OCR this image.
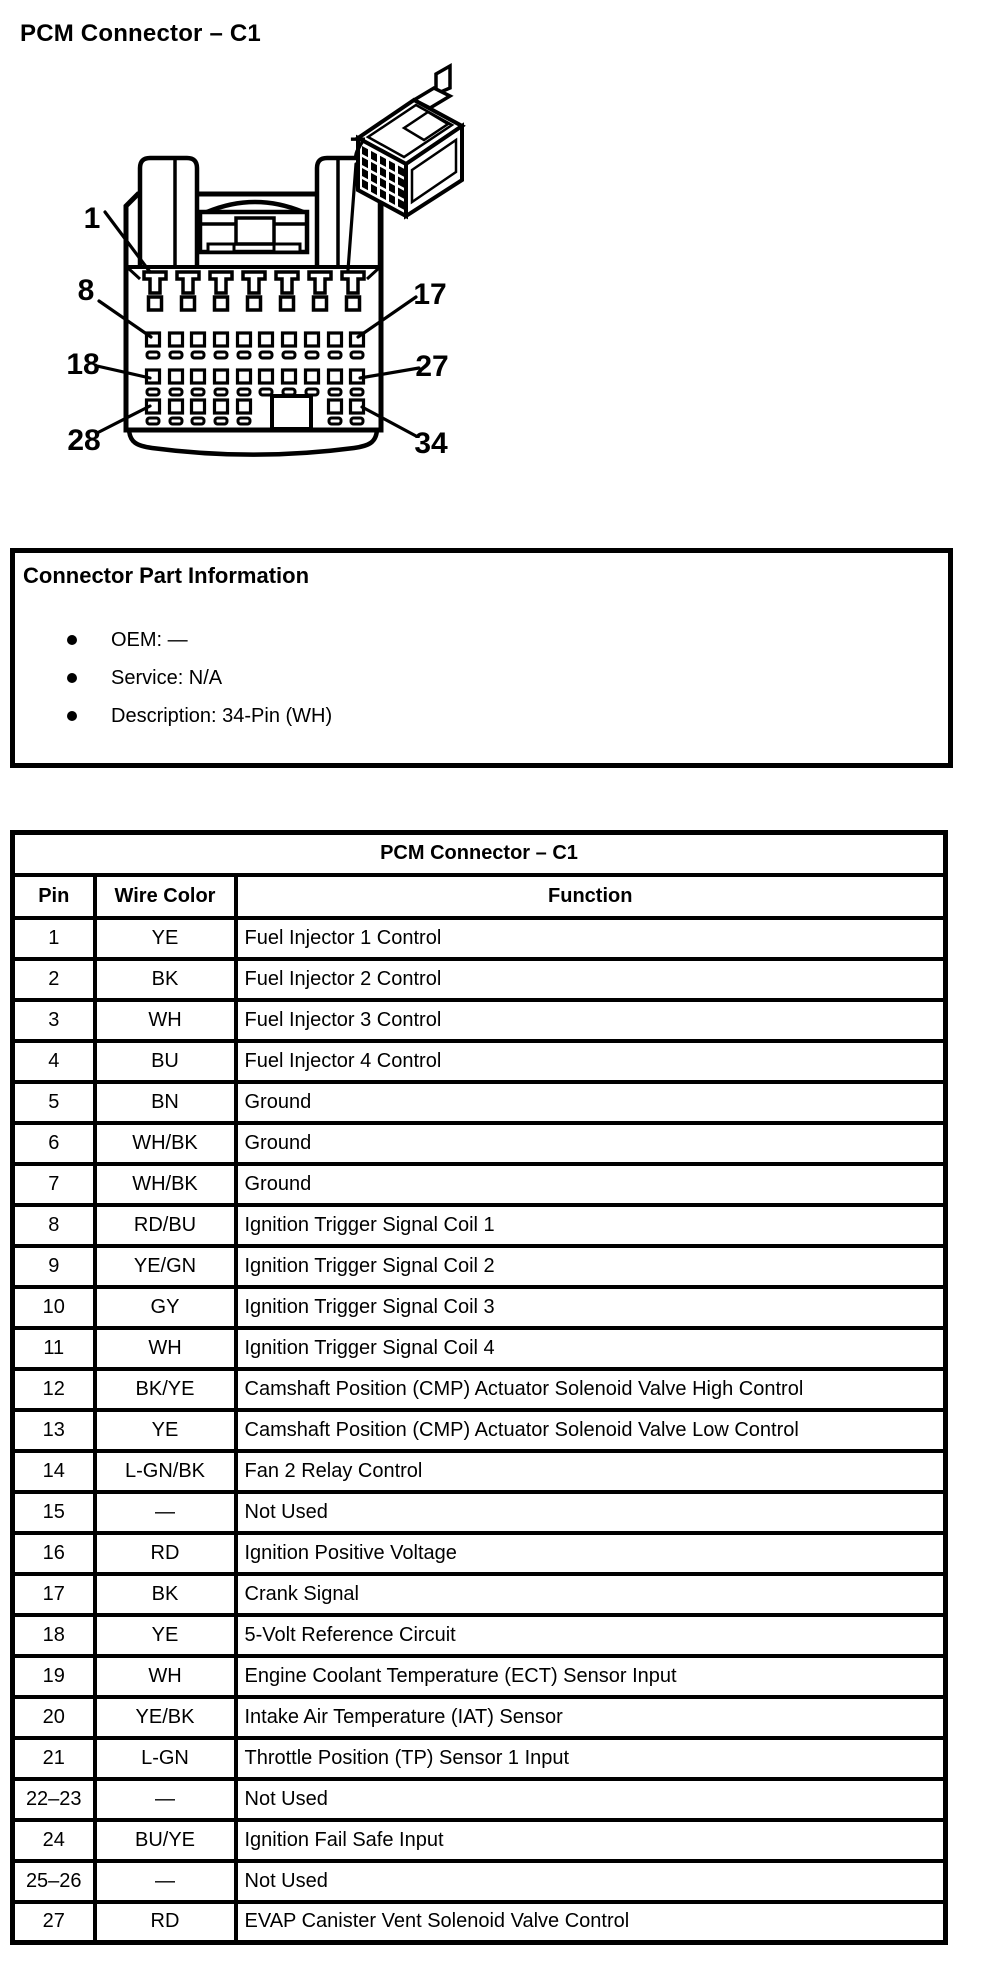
PCM Connector – C1
1
7
8	17
18	27
28	34
Connector Part Information
OEM: —
Service: N/A
Description: 34-Pin (WH)
PCM Connector – C1		
Pin	Wire Color	Function
1	YE	Fuel Injector 1 Control
2	BK	Fuel Injector 2 Control
3	WH	Fuel Injector 3 Control
4	BU	Fuel Injector 4 Control
5	BN	Ground
6	WH/BK	Ground
7	WH/BK	Ground
8	RD/BU	Ignition Trigger Signal Coil 1
9	YE/GN	Ignition Trigger Signal Coil 2
10	GY	Ignition Trigger Signal Coil 3
11	WH	Ignition Trigger Signal Coil 4
12	BK/YE	Camshaft Position (CMP) Actuator Solenoid Valve High Control
13	YE	Camshaft Position (CMP) Actuator Solenoid Valve Low Control
14	L-GN/BK	Fan 2 Relay Control
15	—	Not Used
16	RD	Ignition Positive Voltage
17	BK	Crank Signal
18	YE	5-Volt Reference Circuit
19	WH	Engine Coolant Temperature (ECT) Sensor Input
20	YE/BK	Intake Air Temperature (IAT) Sensor
21	L-GN	Throttle Position (TP) Sensor 1 Input
22–23	—	Not Used
24	BU/YE	Ignition Fail Safe Input
25–26	—	Not Used
27	RD	EVAP Canister Vent Solenoid Valve Control
